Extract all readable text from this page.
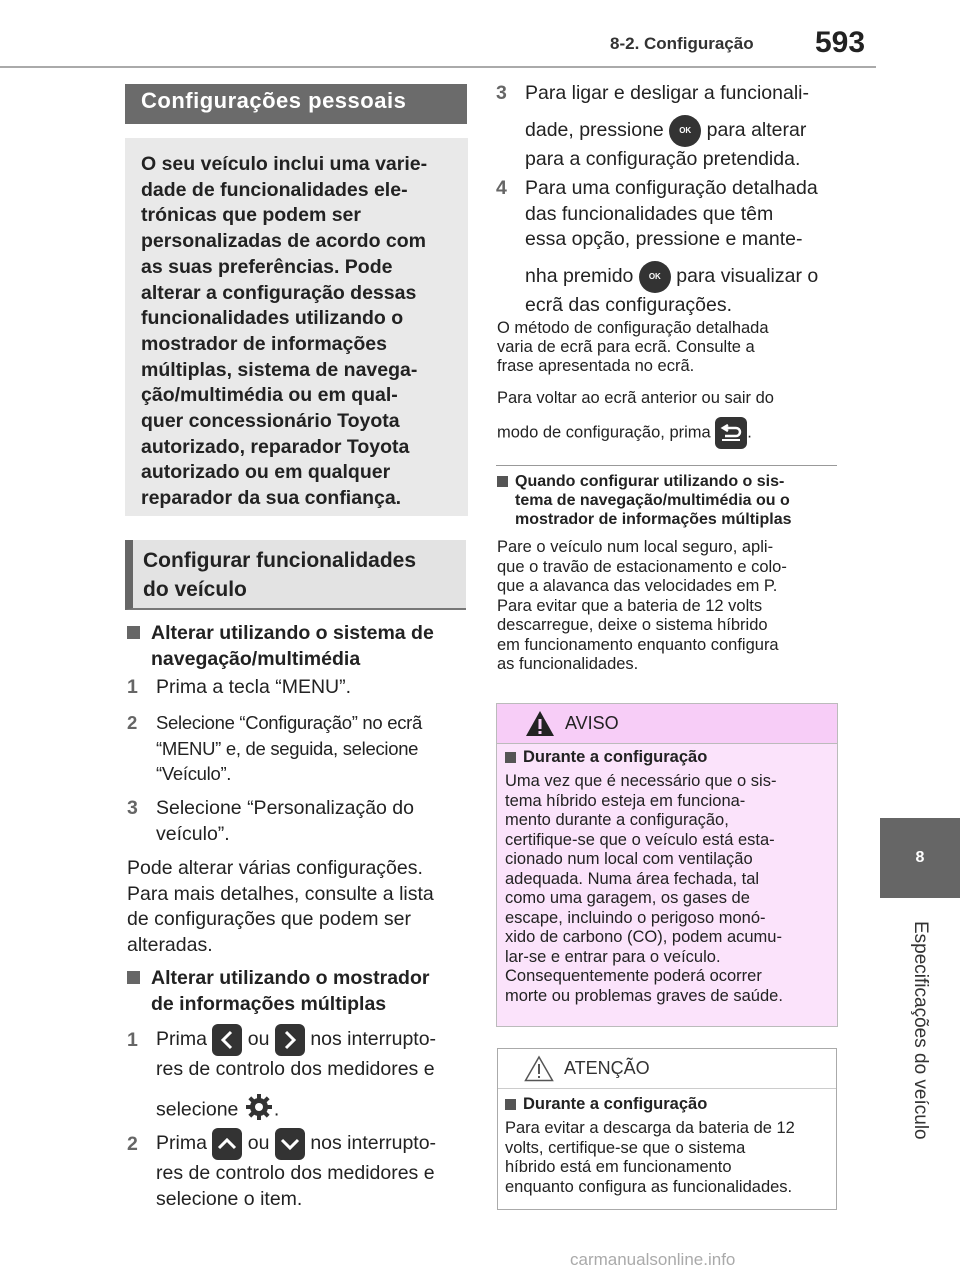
8-2. Configuração 593
8
Especificações do veículo
Configurações pessoais
O seu veículo inclui uma varie-
dade de funcionalidades ele-
trónicas que podem ser
personalizadas de acordo com
as suas preferências. Pode
alterar a configuração dessas
funcionalidades utilizando o
mostrador de informações
múltiplas, sistema de navega-
ção/multimédia ou em qual-
quer concessionário Toyota
autorizado, reparador Toyota
autorizado ou em qualquer
reparador da sua confiança.
Configurar funcionalidades
do veículo
Alterar utilizando o sistema de
navegação/multimédia
1 Prima a tecla “MENU”.
2 Selecione “Configuração” no ecrã
“MENU” e, de seguida, selecione
“Veículo”.
3 Selecione “Personalização do
veículo”.
Pode alterar várias configurações.
Para mais detalhes, consulte a lista
de configurações que podem ser
alteradas.
Alterar utilizando o mostrador
de informações múltiplas
1 Prima ou nos interrupto-
res de controlo dos medidores e
selecione .
2 Prima ou nos interrupto-
res de controlo dos medidores e
selecione o item.
3 Para ligar e desligar a funcionali-
dade, pressione OK para alterar
para a configuração pretendida.
4 Para uma configuração detalhada
das funcionalidades que têm
essa opção, pressione e mante-
nha premido OK para visualizar o
ecrã das configurações.
O método de configuração detalhada
varia de ecrã para ecrã. Consulte a
frase apresentada no ecrã.
Para voltar ao ecrã anterior ou sair do
modo de configuração, prima .
Quando configurar utilizando o sis-
tema de navegação/multimédia ou o
mostrador de informações múltiplas
Pare o veículo num local seguro, apli-
que o travão de estacionamento e colo-
que a alavanca das velocidades em P.
Para evitar que a bateria de 12 volts
descarregue, deixe o sistema híbrido
em funcionamento enquanto configura
as funcionalidades.
AVISO
Durante a configuração
Uma vez que é necessário que o sis-
tema híbrido esteja em funciona-
mento durante a configuração,
certifique-se que o veículo está esta-
cionado num local com ventilação
adequada. Numa área fechada, tal
como uma garagem, os gases de
escape, incluindo o perigoso monó-
xido de carbono (CO), podem acumu-
lar-se e entrar para o veículo.
Consequentemente poderá ocorrer
morte ou problemas graves de saúde.
ATENÇÃO
Durante a configuração
Para evitar a descarga da bateria de 12
volts, certifique-se que o sistema
híbrido está em funcionamento
enquanto configura as funcionalidades.
carmanualsonline.info
